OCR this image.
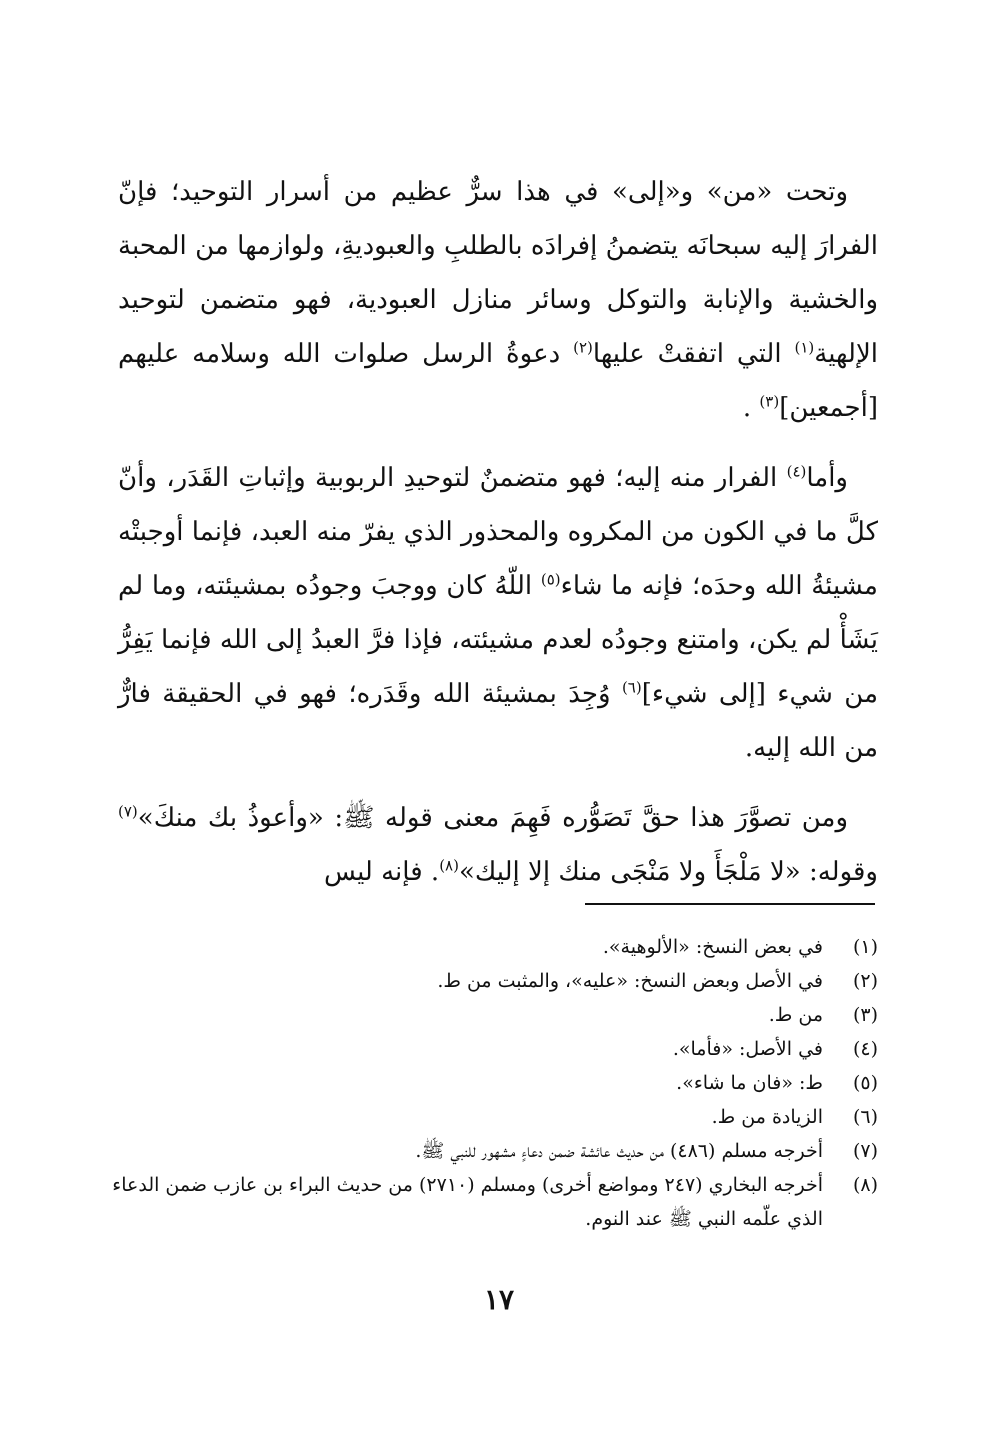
وتحت «من» و«إلى» في هذا سرٌّ عظيم من أسرار التوحيد؛ فإنّ الفرارَ إليه سبحانَه يتضمنُ إفرادَه بالطلبِ والعبوديةِ، ولوازمها من المحبة والخشية والإنابة والتوكل وسائر منازل العبودية، فهو متضمن لتوحيد الإلهية$^{(١)}$ التي اتفقتْ عليها$^{(٢)}$ دعوةُ الرسل صلوات الله وسلامه عليهم [أجمعين]$^{(٣)}$ .

وأما$^{(٤)}$ الفرار منه إليه؛ فهو متضمنٌ لتوحيدِ الربوبية وإثباتِ القَدَر، وأنّ كلَّ ما في الكون من المكروه والمحذور الذي يفرّ منه العبد، فإنما أوجبتْه مشيئةُ الله وحدَه؛ فإنه ما شاء$^{(٥)}$ اللّهُ كان ووجبَ وجودُه بمشيئته، وما لم يَشَأْ لم يكن، وامتنع وجودُه لعدم مشيئته، فإذا فرَّ العبدُ إلى الله فإنما يَفِرُّ من شيء [إلى شيء]$^{(٦)}$ وُجِدَ بمشيئة الله وقَدَره؛ فهو في الحقيقة فارٌّ من الله إليه.

ومن تصوَّرَ هذا حقَّ تَصَوُّره فَهِمَ معنى قوله ﷺ: «وأعوذُ بك منكَ»$^{(٧)}$ وقوله: «لا مَلْجَأَ ولا مَنْجَى منك إلا إليك»$^{(٨)}$. فإنه ليس

(١)
في بعض النسخ: «الألوهية».
(٢)
في الأصل وبعض النسخ: «عليه»، والمثبت من ط.
(٣)
من ط.
(٤)
في الأصل: «فأما».
(٥)
ط: «فان ما شاء».
(٦)
الزيادة من ط.
(٧)
أخرجه مسلم (٤٨٦) من حديث عائشة ضمن دعاءٍ مشهور للنبي ﷺ.
(٨)
أخرجه البخاري (٢٤٧ ومواضع أخرى) ومسلم (٢٧١٠) من حديث البراء بن عازب ضمن الدعاء الذي علّمه النبي ﷺ عند النوم.
١٧
